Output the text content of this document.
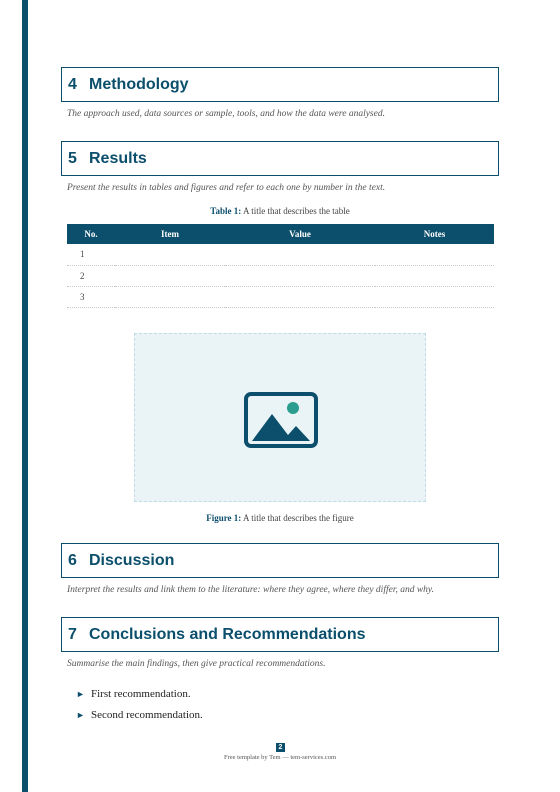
4 Methodology
The approach used, data sources or sample, tools, and how the data were analysed.
5 Results
Present the results in tables and figures and refer to each one by number in the text.
Table 1: A title that describes the table
No.	Item	Value	Notes
1			
2			
3			
Figure 1: A title that describes the figure
6 Discussion
Interpret the results and link them to the literature: where they agree, where they differ, and why.
7 Conclusions and Recommendations
Summarise the main findings, then give practical recommendations.
► First recommendation.
► Second recommendation.
2
Free template by Tem — tem-services.com
